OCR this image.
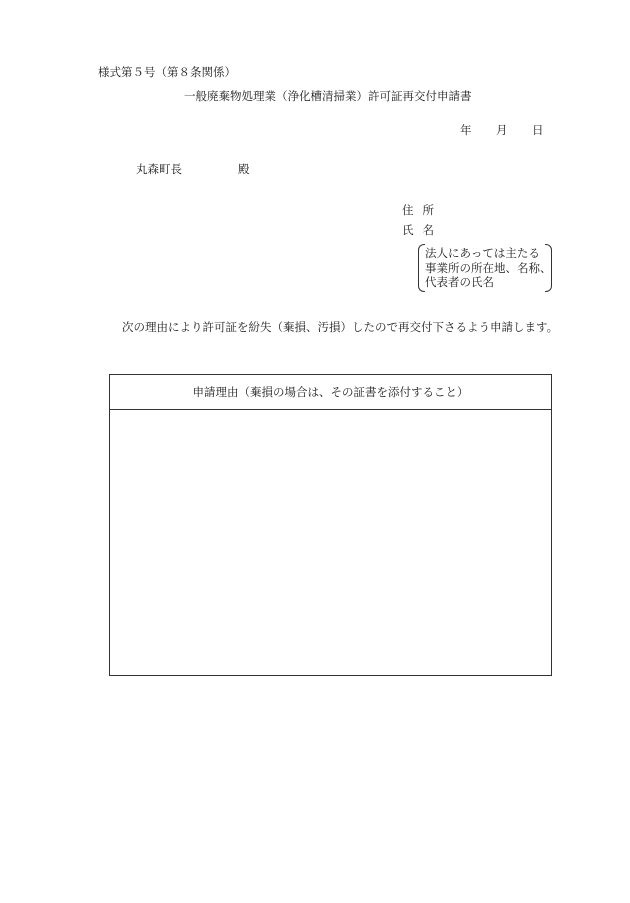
様式第５号（第８条関係）
一般廃棄物処理業（浄化槽清掃業）許可証再交付申請書
年 月 日
丸森町長	殿
住所
氏名
法人にあっては主たる
事業所の所在地、名称、
代表者の氏名
次の理由により許可証を紛失（棄損、汚損）したので再交付下さるよう申請します。
申請理由（棄損の場合は、その証書を添付すること）
